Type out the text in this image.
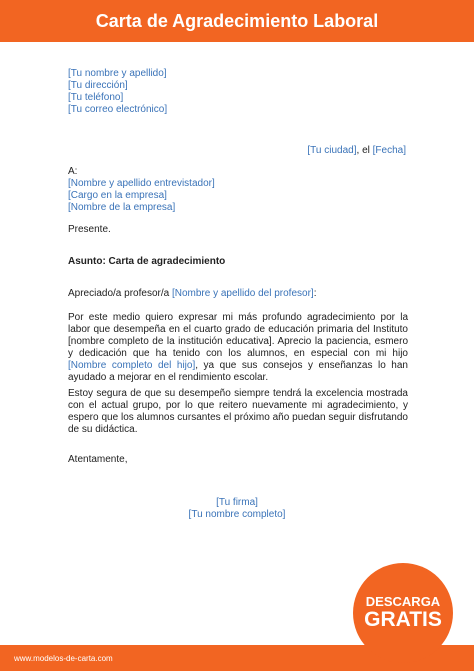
Carta de Agradecimiento Laboral
[Tu nombre y apellido]
[Tu dirección]
[Tu teléfono]
[Tu correo electrónico]
[Tu ciudad], el [Fecha]
A:
[Nombre y apellido entrevistador]
[Cargo en la empresa]
[Nombre de la empresa]
Presente.
Asunto: Carta de agradecimiento
Apreciado/a profesor/a [Nombre y apellido del profesor]:
Por este medio quiero expresar mi más profundo agradecimiento por la labor que desempeña en el cuarto grado de educación primaria del Instituto [nombre completo de la institución educativa]. Aprecio la paciencia, esmero y dedicación que ha tenido con los alumnos, en especial con mi hijo [Nombre completo del hijo], ya que sus consejos y enseñanzas lo han ayudado a mejorar en el rendimiento escolar.
Estoy segura de que su desempeño siempre tendrá la excelencia mostrada con el actual grupo, por lo que reitero nuevamente mi agradecimiento, y espero que los alumnos cursantes el próximo año puedan seguir disfrutando de su didáctica.
Atentamente,
[Tu firma]
[Tu nombre completo]
www.modelos-de-carta.com
DESCARGA
GRATIS
